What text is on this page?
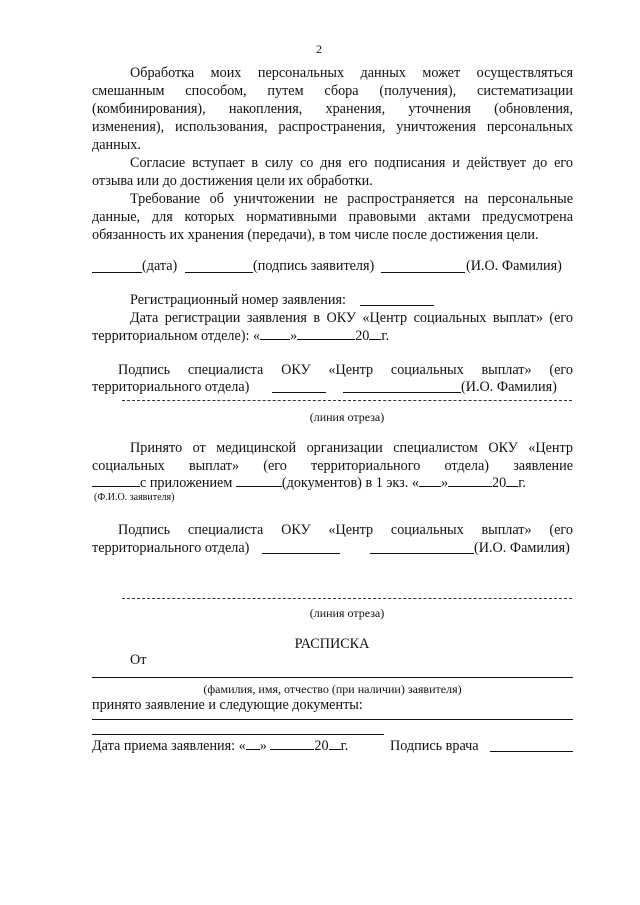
2
Обработка моих персональных данных может осуществляться
смешанным способом, путем сбора (получения), систематизации
(комбинирования), накопления, хранения, уточнения (обновления,
изменения), использования, распространения, уничтожения персональных
данных.
Согласие вступает в силу со дня его подписания и действует до его
отзыва или до достижения цели их обработки.
Требование об уничтожении не распространяется на персональные
данные, для которых нормативными правовыми актами предусмотрена
обязанность их хранения (передачи), в том числе после достижения цели.
(дата)	(подпись заявителя)	(И.О. Фамилия)
Регистрационный номер заявления:
Дата регистрации заявления в ОКУ «Центр социальных выплат» (его
территориальном отделе): « »	20 г.
Подпись специалиста ОКУ «Центр социальных выплат» (его
территориального отдела)	(И.О. Фамилия)
(линия отреза)
Принято от медицинской организации специалистом ОКУ «Центр
социальных выплат» (его территориального отдела) заявление
с приложением	(документов) в 1 экз. « »	20 г.
(Ф.И.О. заявителя)
Подпись специалиста ОКУ «Центр социальных выплат» (его
территориального отдела)	(И.О. Фамилия)
(линия отреза)
РАСПИСКА
От
(фамилия, имя, отчество (при наличии) заявителя)
принято заявление и следующие документы:
Дата приема заявления: « »	20 г.	Подпись врача
